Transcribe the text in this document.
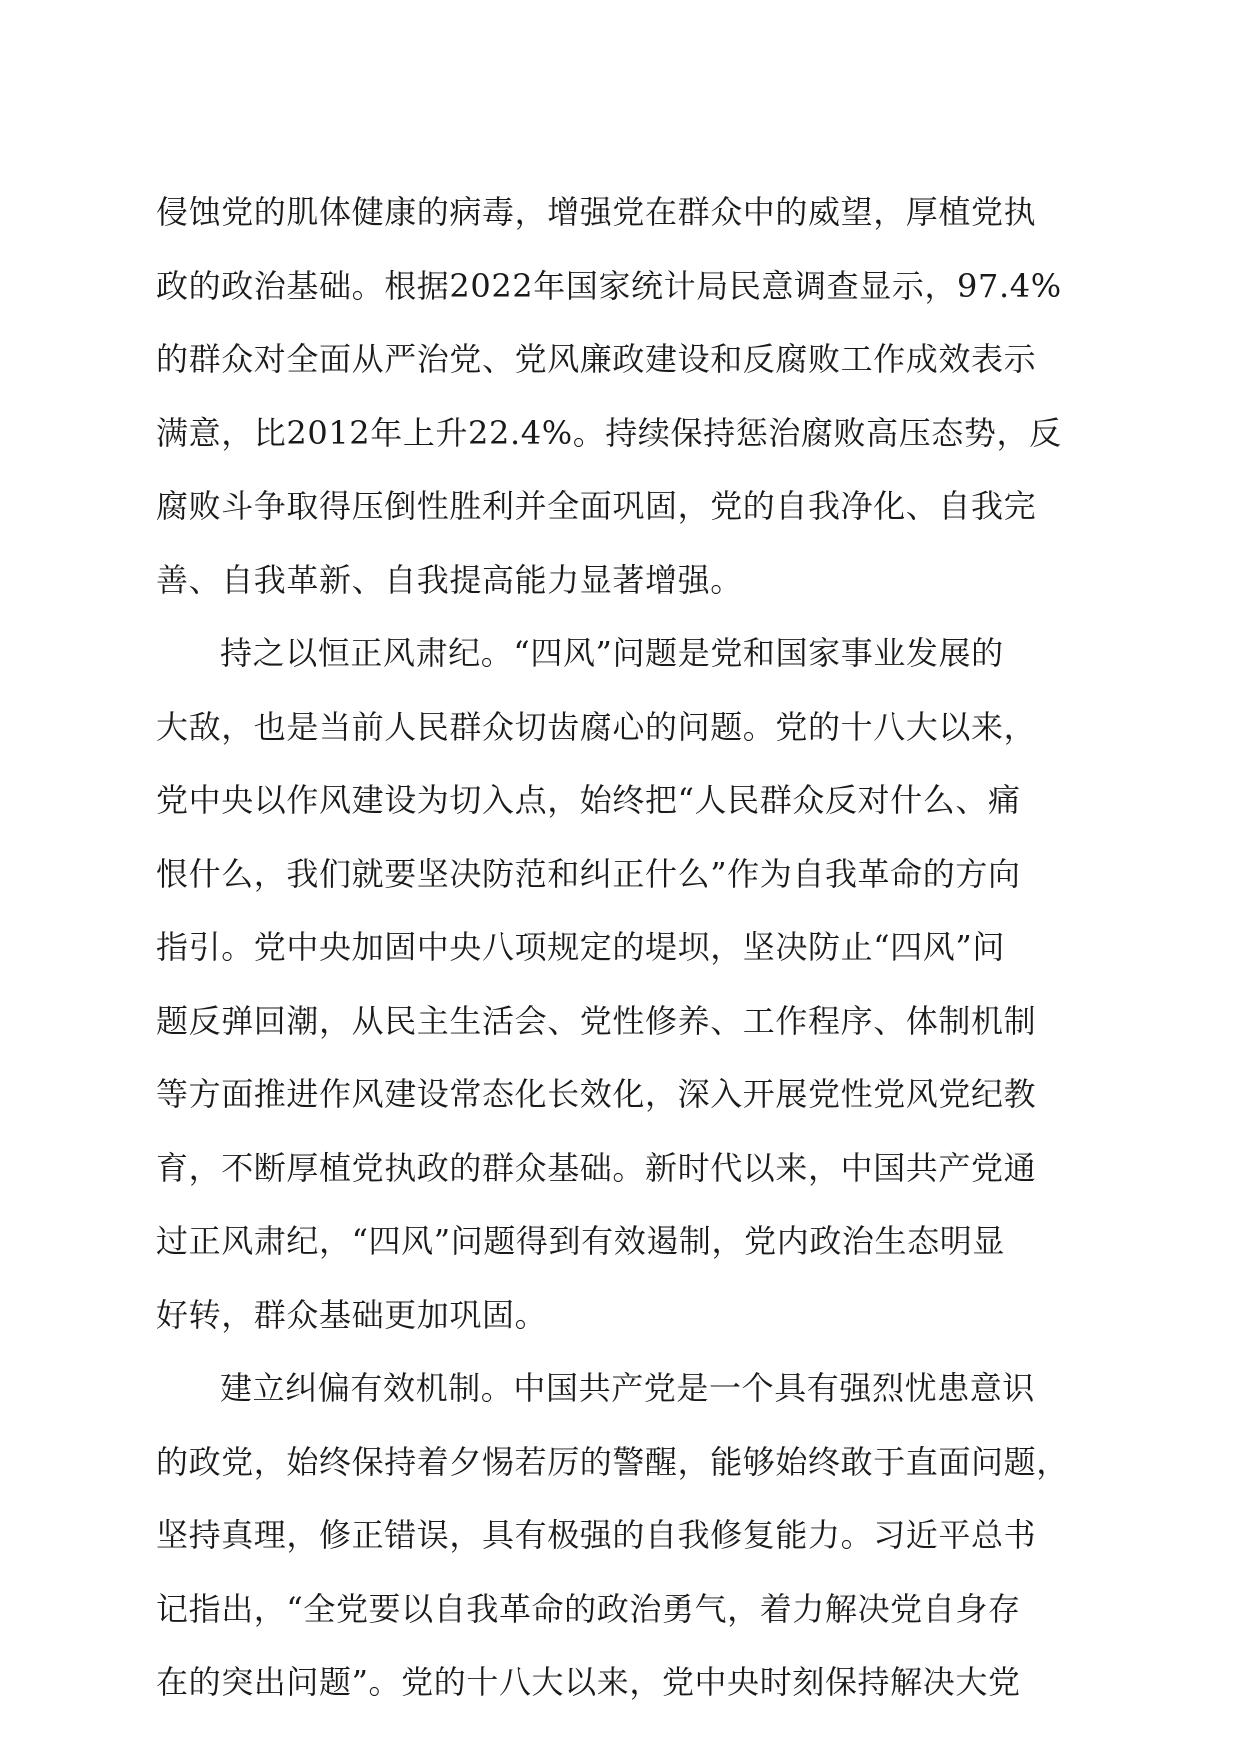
侵蚀党的肌体健康的病毒，增强党在群众中的威望，厚植党执
政的政治基础。根据2022年国家统计局民意调查显示，97.4%
的群众对全面从严治党、党风廉政建设和反腐败工作成效表示
满意，比2012年上升22.4%。持续保持惩治腐败高压态势，反
腐败斗争取得压倒性胜利并全面巩固，党的自我净化、自我完
善、自我革新、自我提高能力显著增强。
持之以恒正风肃纪。“四风”问题是党和国家事业发展的
大敌，也是当前人民群众切齿腐心的问题。党的十八大以来，
党中央以作风建设为切入点，始终把“人民群众反对什么、痛
恨什么，我们就要坚决防范和纠正什么”作为自我革命的方向
指引。党中央加固中央八项规定的堤坝，坚决防止“四风”问
题反弹回潮，从民主生活会、党性修养、工作程序、体制机制
等方面推进作风建设常态化长效化，深入开展党性党风党纪教
育，不断厚植党执政的群众基础。新时代以来，中国共产党通
过正风肃纪，“四风”问题得到有效遏制，党内政治生态明显
好转，群众基础更加巩固。
建立纠偏有效机制。中国共产党是一个具有强烈忧患意识
的政党，始终保持着夕惕若厉的警醒，能够始终敢于直面问题，
坚持真理，修正错误，具有极强的自我修复能力。习近平总书
记指出，“全党要以自我革命的政治勇气，着力解决党自身存
在的突出问题”。党的十八大以来，党中央时刻保持解决大党
